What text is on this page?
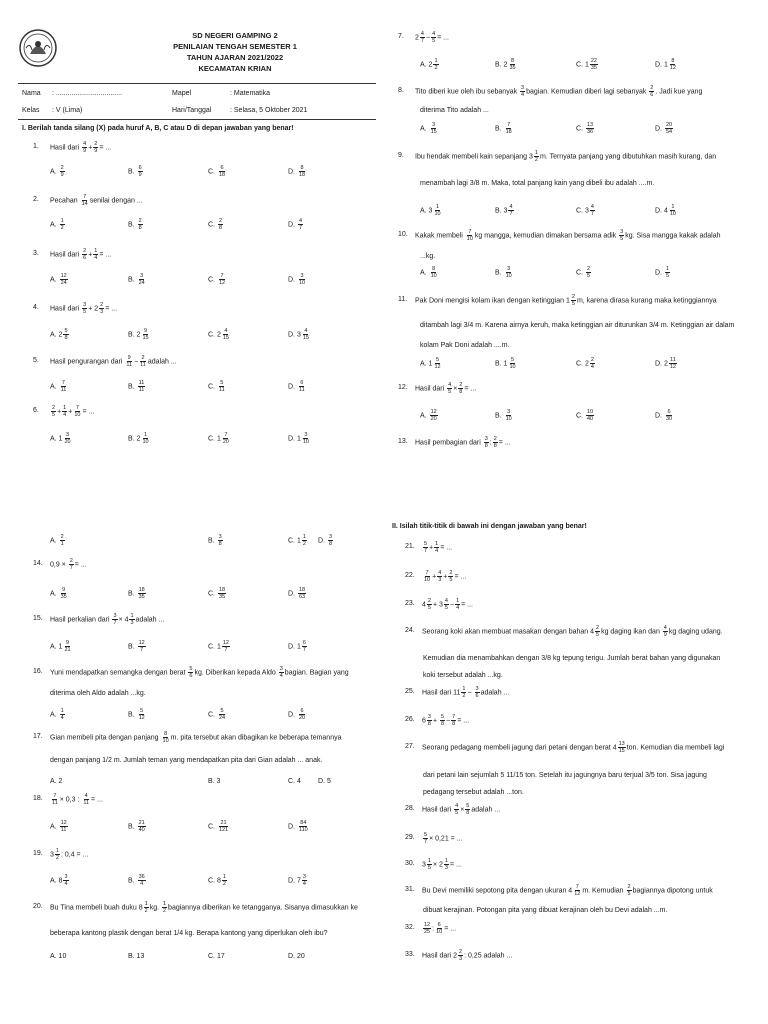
SD NEGERI GAMPING 2
PENILAIAN TENGAH SEMESTER 1
TAHUN AJARAN 2021/2022
KECAMATAN KRIAN
Nama : ..................................
Kelas : V (Lima)
Mapel	: Matematika
Hari/Tanggal	: Selasa, 5 Oktober 2021
I. Berilah tanda silang (X) pada huruf A, B, C atau D di depan jawaban yang benar!
II. Isilah titik-titik di bawah ini dengan jawaban yang benar!
1. Hasil dari $\frac{4}{9} + \frac{2}{9}$ = ...
A. $\frac{2}{9}$	B. $\frac{6}{9}$	C. $\frac{6}{18}$	D. $\frac{8}{18}$
2. Pecahan $\frac{7}{14}$ senilai dengan ...
A. $\frac{1}{2}$	B. $\frac{2}{8}$	C. $\frac{2}{8}$	D. $\frac{4}{7}$
3. Hasil dari $\frac{2}{6} + \frac{1}{4}$ = ...
A. $\frac{12}{24}$	B. $\frac{3}{24}$	C. $\frac{7}{12}$	D. $\frac{3}{10}$
4. Hasil dari $\frac{3}{5} + 2 \frac{2}{3}$ = ...
A. $2 \frac{5}{8}$	B. $2 \frac{9}{15}$	C. $2 \frac{4}{15}$	D. $3 \frac{4}{15}$
5. Hasil pengurangan dari $\frac{9}{11} - \frac{2}{11}$ adalah ...
A. $\frac{7}{11}$	B. $\frac{11}{11}$	C. $\frac{5}{11}$	D. $\frac{6}{11}$
6. $\frac{2}{5} + \frac{1}{4} + \frac{7}{10}$ = ...
A. $1 \frac{3}{20}$	B. $2 \frac{1}{10}$	C. $1 \frac{7}{20}$	D. $1 \frac{3}{10}$
A. $\frac{2}{1}$	B. $\frac{3}{8}$	C. $1 \frac{1}{2} D$. $\frac{3}{8}$
14. $0,9 \times \frac{2}{7}$ = ...
A. $\frac{9}{35}$	B. $\frac{18}{35}$	C. $\frac{18}{35}$	D. $\frac{18}{63}$
15. Hasil perkalian dari $\frac{3}{7} \times 4 \frac{1}{3}$ adalah ...
A. $1 \frac{9}{21}$	B. $\frac{12}{7}$	C. $1 \frac{12}{7}$	D. $1 \frac{6}{7}$
16. Yuni mendapatkan semangka dengan berat $\frac{5}{6}$ kg. Diberikan kepada Aldo $\frac{3}{4}$ bagian. Bagian yang
diterima oleh Aldo adalah ...kg.
A. $\frac{1}{4}$	B. $\frac{5}{12}$	C. $\frac{5}{24}$	D. $\frac{6}{20}$
17. Gian membeli pita dengan panjang $\frac{8}{10} m$. pita tersebut akan dibagikan ke beberapa temannya
dengan panjang 1/2 m. Jumlah teman yang mendapatkan pita dari Gian adalah ... anak.
A. 2	B. 3	C. 4 D. 5
18. $\frac{7}{11} \times 0,3$ : $\frac{4}{11}$ = ...
A. $\frac{12}{11}$	B. $\frac{21}{40}$	C. $\frac{21}{121}$	D. $\frac{84}{110}$
19. $3 \frac{1}{2}$ : 0,4 = ...
A. $8 \frac{3}{4}$	B. $\frac{36}{4}$	C. $8 \frac{1}{2}$	D. $7 \frac{3}{4}$
20. Bu Tina membeli buah duku $8 \frac{1}{2}$ kg. $\frac{1}{2}$ bagiannya diberikan ke tetangganya. Sisanya dimasukkan ke
beberapa kantong plastik dengan berat 1/4 kg. Berapa kantong yang diperlukan oleh ibu?
A. 10	B. 13	C. 17	D. 20
7. $2 \frac{4}{7} - \frac{4}{5}$ = ...
A. $2 \frac{1}{2}$	B. $2 \frac{8}{35}$	C. $1 \frac{22}{35}$	D. $1 \frac{8}{12}$
8. Tito diberi kue oleh ibu sebanyak $\frac{3}{4}$ bagian. Kemudian diberi lagi sebanyak $\frac{2}{6}$ . Jadi kue yang
diterima Tito adalah ...
A. $\frac{3}{15}$	B. $\frac{7}{18}$	C. $\frac{13}{36}$	D. $\frac{20}{54}$
9. Ibu hendak membeli kain sepanjang $3 \frac{1}{2} m$. Ternyata panjang yang dibutuhkan masih kurang, dan
menambah lagi 3/8 m. Maka, total panjang kain yang dibeli ibu adalah ....m.
A. $3 \frac{1}{10}$	B. $3 \frac{4}{7}$	C. $3 \frac{4}{7}$	D. $4 \frac{1}{10}$
10. Kakak membeli $\frac{7}{10}$ kg mangga, kemudian dimakan bersama adik $\frac{3}{5}$ kg. Sisa mangga kakak adalah
...kg.
A. $\frac{8}{10}$	B. $\frac{3}{10}$	C. $\frac{2}{5}$	D. $\frac{1}{5}$
11. Pak Doni mengisi kolam ikan dengan ketinggian $1 \frac{2}{5} m$, karena dirasa kurang maka ketinggiannya
ditambah lagi 3/4 m. Karena airnya keruh, maka ketinggian air diturunkan 3/4 m. Ketinggian air dalam
kolam Pak Doni adalah ....m.
A. $1 \frac{5}{12}$	B. $1 \frac{5}{10}$	C. $2 \frac{2}{4}$	D. $2 \frac{11}{12}$
12. Hasil dari $\frac{4}{5} \times \frac{2}{8}$ = ...
A. $\frac{12}{20}$	B. $\frac{3}{10}$	C. $\frac{10}{40}$	D. $\frac{6}{30}$
13. Hasil pembagian dari $\frac{3}{8}$ : $\frac{2}{8}$ = ...
21. $\frac{5}{7} + \frac{1}{4}$ = ...
22. $\frac{7}{10} + \frac{4}{3} + \frac{2}{5}$ = ...
23. $4 \frac{2}{5} + 3 \frac{4}{5} - \frac{1}{4}$ = ...
24. Seorang koki akan membuat masakan dengan bahan $4 \frac{2}{5}$ kg daging ikan dan $\frac{4}{9}$ kg daging udang.
Kemudian dia menambahkan dengan 3/8 kg tepung terigu. Jumlah berat bahan yang digunakan
koki tersebut adalah ...kg.
25. Hasil dari $11 \frac{1}{2} - \frac{3}{6}$ adalah ...
26. $6 \frac{3}{8} + \frac{5}{8} - \frac{7}{8}$ = ...
27. Seorang pedagang membeli jagung dari petani dengan berat $4 \frac{13}{15}$ ton. Kemudian dia membeli lagi
dari petani lain sejumlah 5 11/15 ton. Setelah itu jagungnya baru terjual 3/5 ton. Sisa jagung
pedagang tersebut adalah ...ton.
28. Hasil dari $\frac{4}{5} \times \frac{5}{8}$ adalah ...
29. $\frac{5}{7} \times 0,21$ = ...
30. $3 \frac{1}{5} \times 2 \frac{1}{3}$ = ...
31. Bu Devi memiliki sepotong pita dengan ukuran $4 \frac{7}{12} m$. Kemudian $\frac{2}{5}$ bagiannya dipotong untuk
dibuat kerajinan. Potongan pita yang dibuat kerajinan oleh bu Devi adalah ...m.
32. $\frac{12}{25}$ : $\frac{6}{10}$ = ...
33. Hasil dari $2 \frac{2}{3}$ : 0,25 adalah ...
